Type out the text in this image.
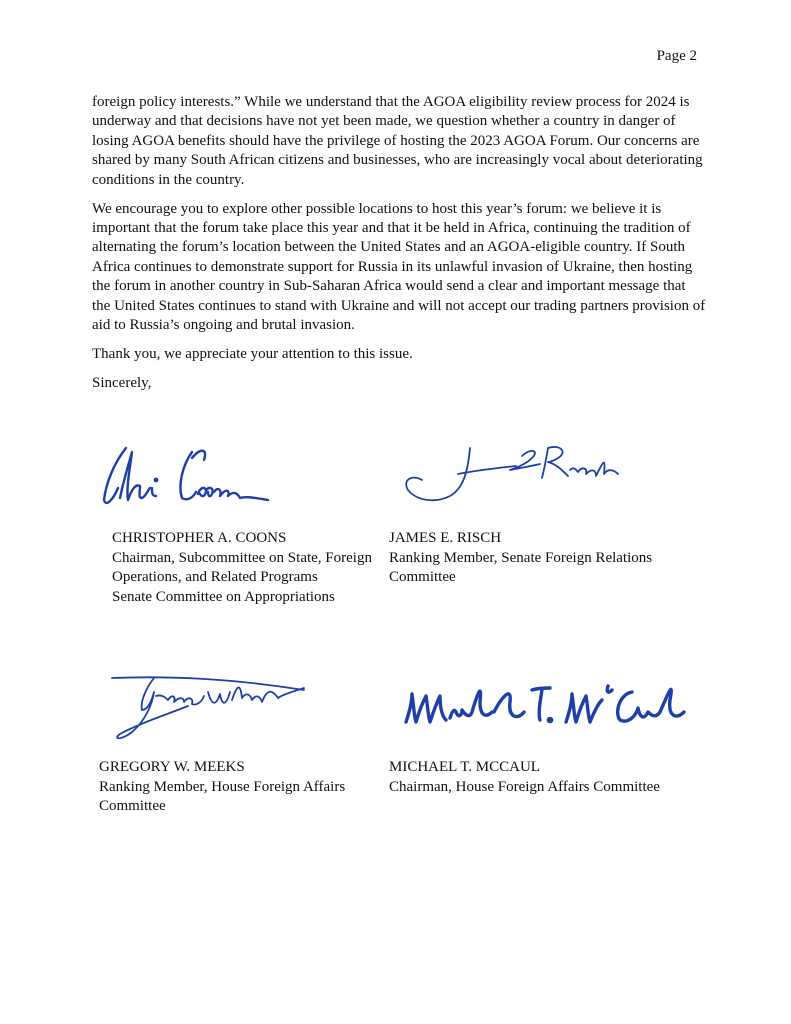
Page 2

foreign policy interests.” While we understand that the AGOA eligibility review process for 2024 is underway and that decisions have not yet been made, we question whether a country in danger of losing AGOA benefits should have the privilege of hosting the 2023 AGOA Forum. Our concerns are shared by many South African citizens and businesses, who are increasingly vocal about deteriorating conditions in the country.

We encourage you to explore other possible locations to host this year’s forum: we believe it is important that the forum take place this year and that it be held in Africa, continuing the tradition of alternating the forum’s location between the United States and an AGOA-eligible country. If South Africa continues to demonstrate support for Russia in its unlawful invasion of Ukraine, then hosting the forum in another country in Sub-Saharan Africa would send a clear and important message that the United States continues to stand with Ukraine and will not accept our trading partners provision of aid to Russia’s ongoing and brutal invasion.

Thank you, we appreciate your attention to this issue.

Sincerely,

CHRISTOPHER A. COONS
Chairman, Subcommittee on State, Foreign
Operations, and Related Programs
Senate Committee on Appropriations
JAMES E. RISCH
Ranking Member, Senate Foreign Relations
Committee
GREGORY W. MEEKS
Ranking Member, House Foreign Affairs
Committee
MICHAEL T. MCCAUL
Chairman, House Foreign Affairs Committee
